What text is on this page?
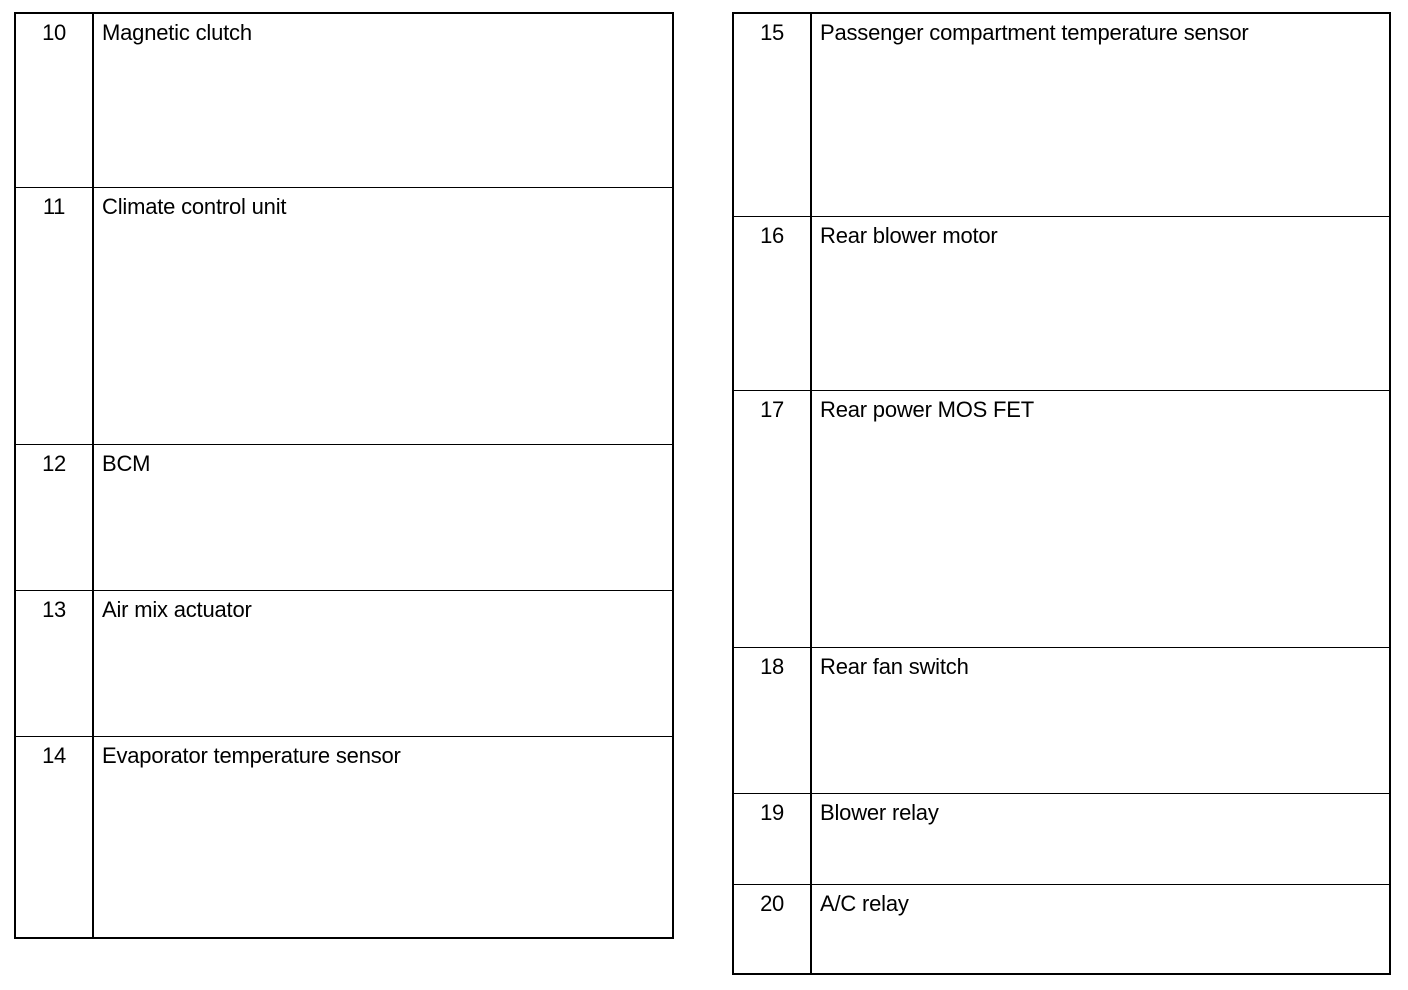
10	Magnetic clutch
11	Climate control unit
12	BCM
13	Air mix actuator
14	Evaporator temperature sensor
15	Passenger compartment temperature sensor
16	Rear blower motor
17	Rear power MOS FET
18	Rear fan switch
19	Blower relay
20	A/C relay
